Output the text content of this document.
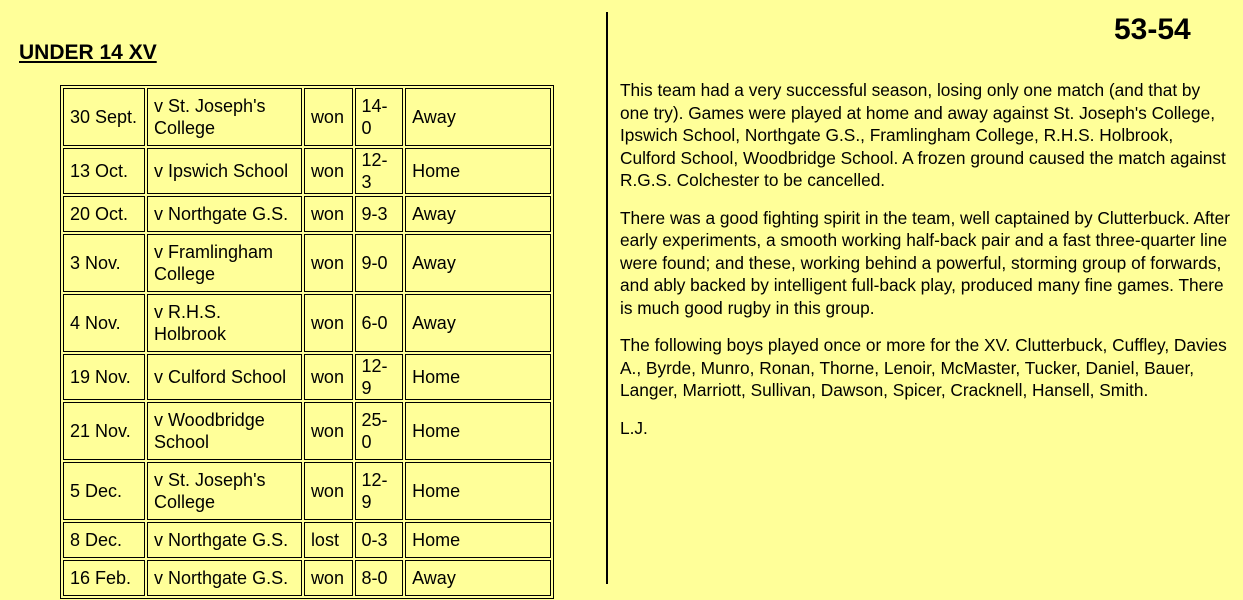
UNDER 14 XV
53-54
30 Sept.	v St. Joseph's College	won	14-0	Away
13 Oct.	v Ipswich School	won	12-3	Home
20 Oct.	v Northgate G.S.	won	9-3	Away
3 Nov.	v Framlingham College	won	9-0	Away
4 Nov.	v R.H.S. Holbrook	won	6-0	Away
19 Nov.	v Culford School	won	12-9	Home
21 Nov.	v Woodbridge School	won	25-0	Home
5 Dec.	v St. Joseph's College	won	12-9	Home
8 Dec.	v Northgate G.S.	lost	0-3	Home
16 Feb.	v Northgate G.S.	won	8-0	Away

This team had a very successful season, losing only one match (and that by one try). Games were played at home and away against St. Joseph's College, Ipswich School, Northgate G.S., Framlingham College, R.H.S. Holbrook, Culford School, Woodbridge School. A frozen ground caused the match against R.G.S. Colchester to be cancelled.

There was a good fighting spirit in the team, well captained by Clutterbuck. After early experiments, a smooth working half-back pair and a fast three-quarter line were found; and these, working behind a powerful, storming group of forwards, and ably backed by intelligent full-back play, produced many fine games. There is much good rugby in this group.

The following boys played once or more for the XV. Clutterbuck, Cuffley, Davies A., Byrde, Munro, Ronan, Thorne, Lenoir, McMaster, Tucker, Daniel, Bauer, Langer, Marriott, Sullivan, Dawson, Spicer, Cracknell, Hansell, Smith.

L.J.
